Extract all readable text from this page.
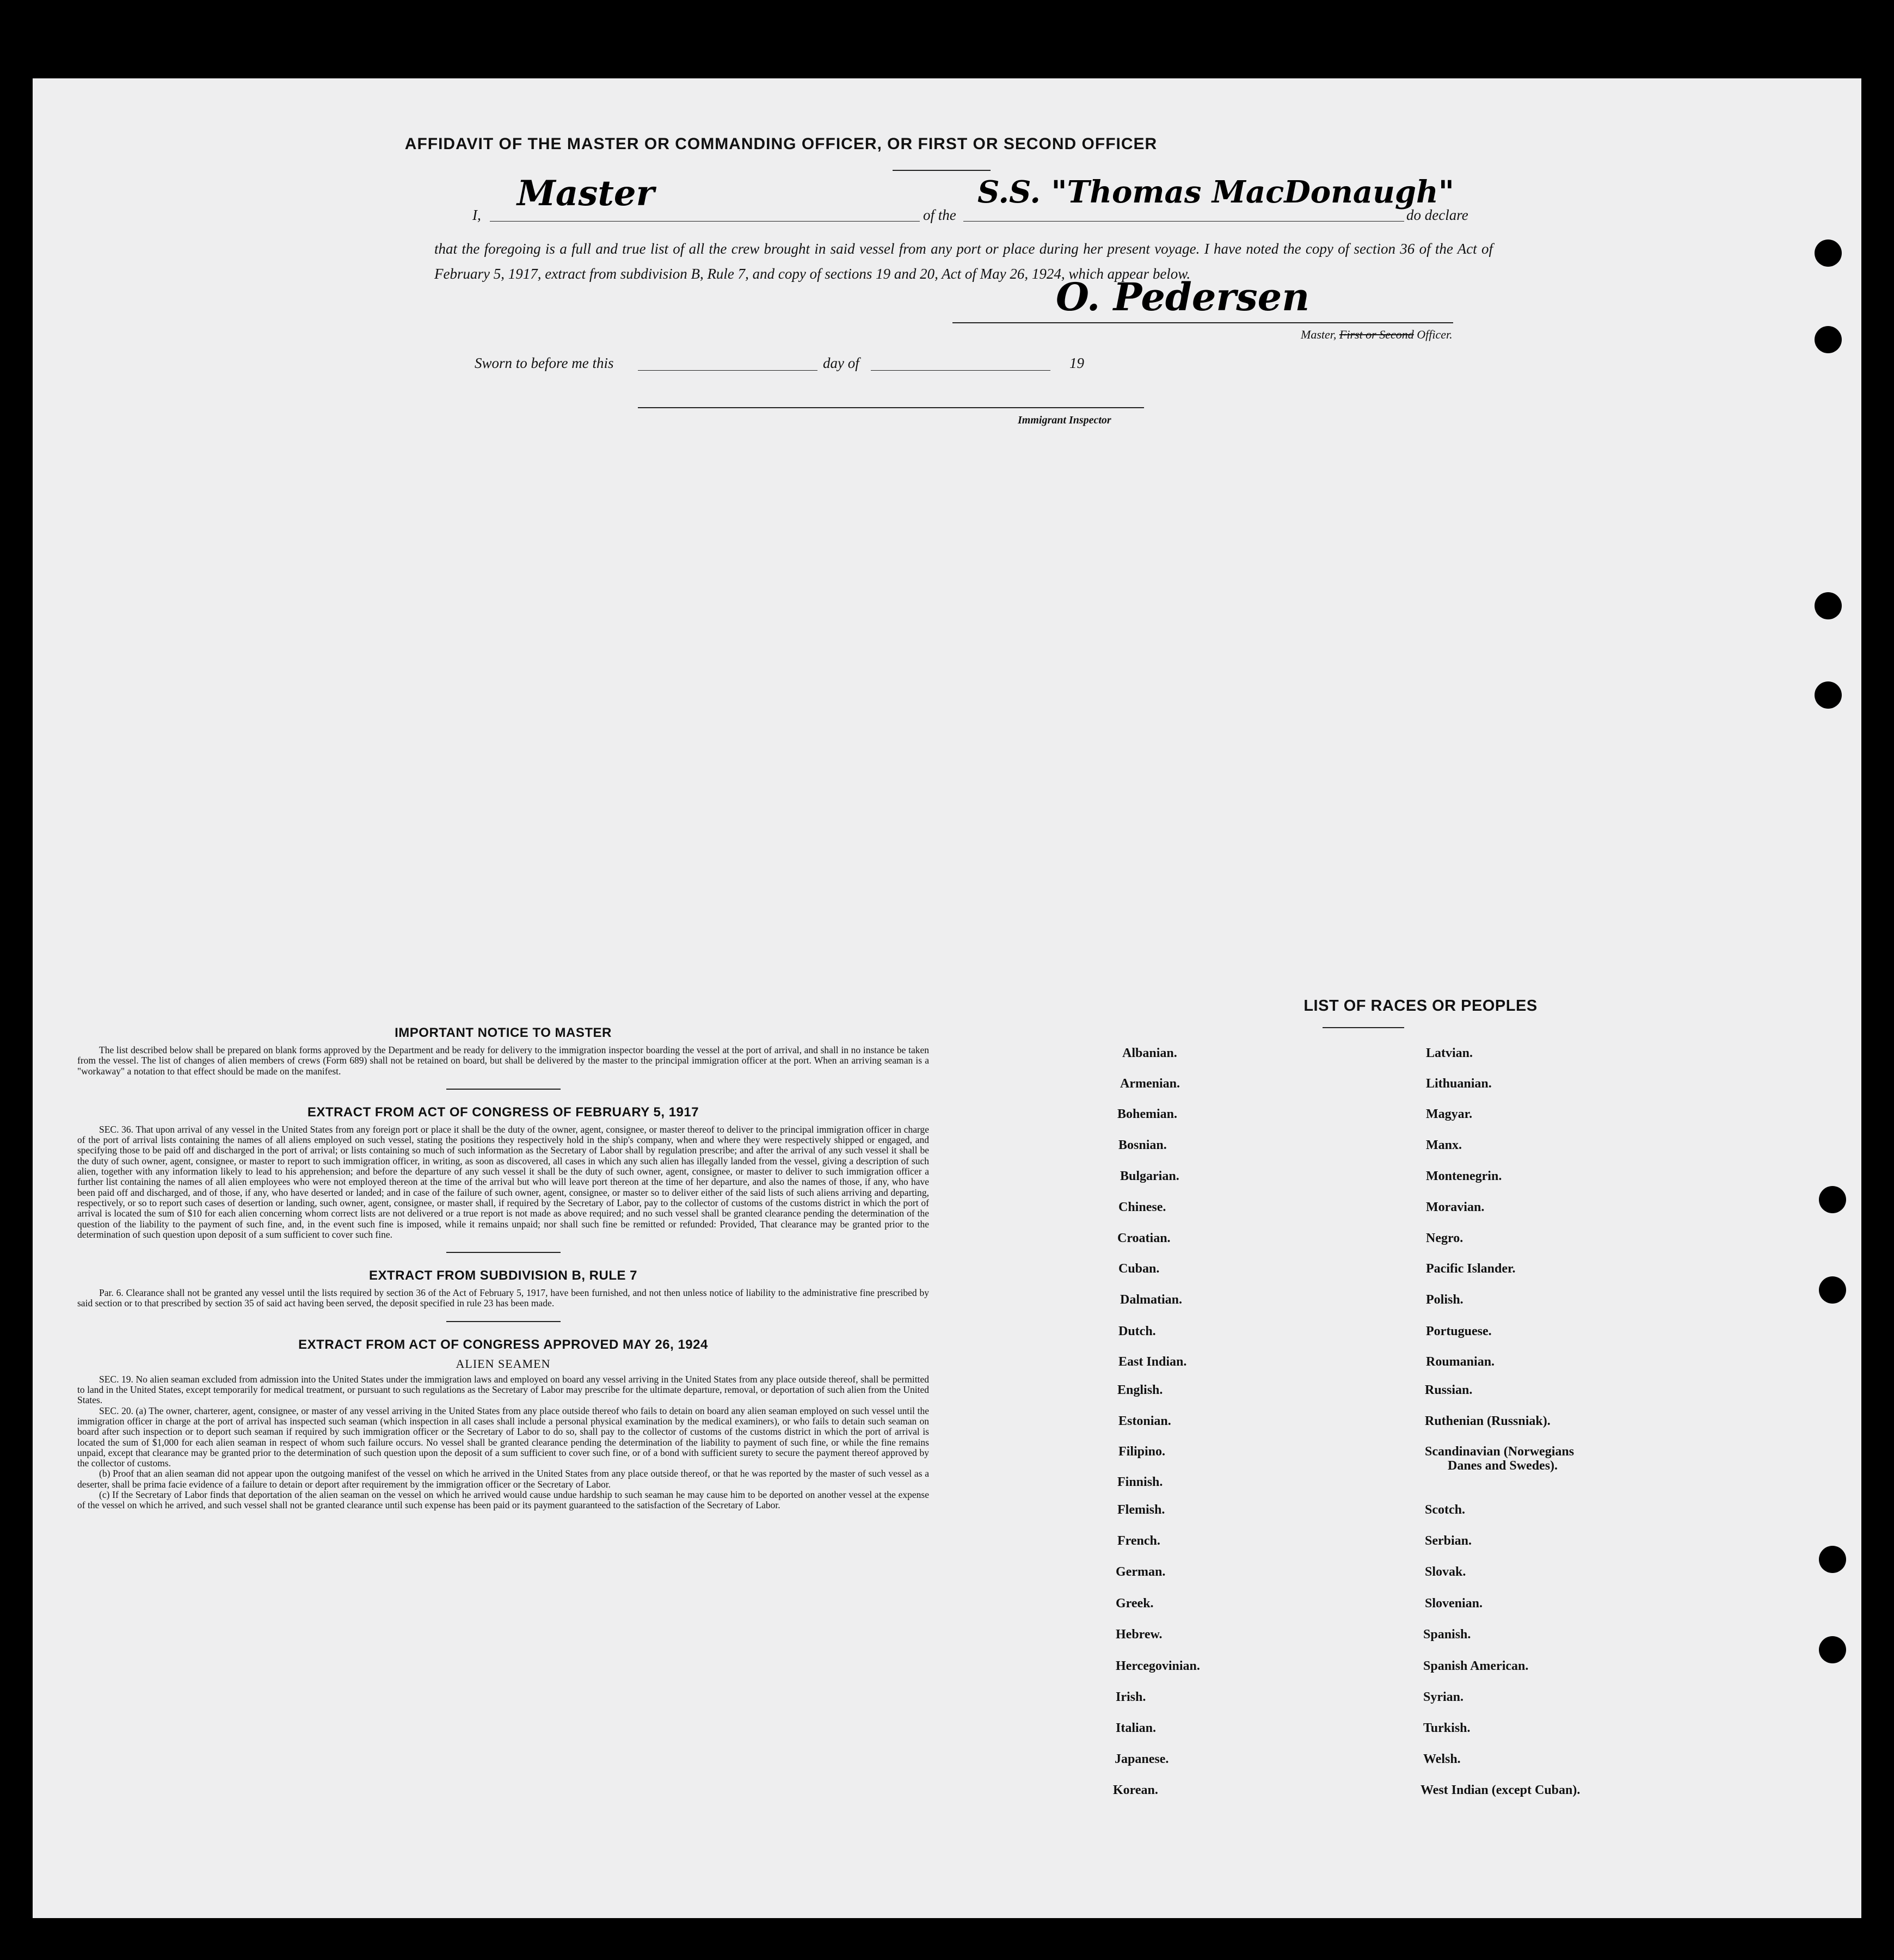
AFFIDAVIT OF THE MASTER OR COMMANDING OFFICER, OR FIRST OR SECOND OFFICER
I,
Master
of the
S.S. "Thomas MacDonaugh"
do declare
that the foregoing is a full and true list of all the crew brought in said vessel from any port or place during her present voyage. I have noted the copy of section 36 of the Act of February 5, 1917, extract from subdivision B, Rule 7, and copy of sections 19 and 20, Act of May 26, 1924, which appear below.
O. Pedersen
Master, First or Second Officer.
Sworn to before me this	day of	19
Immigrant Inspector
IMPORTANT NOTICE TO MASTER

The list described below shall be prepared on blank forms approved by the Department and be ready for delivery to the immigration inspector boarding the vessel at the port of arrival, and shall in no instance be taken from the vessel. The list of changes of alien members of crews (Form 689) shall not be retained on board, but shall be delivered by the master to the principal immigration officer at the port. When an arriving seaman is a "workaway" a notation to that effect should be made on the manifest.

EXTRACT FROM ACT OF CONGRESS OF FEBRUARY 5, 1917

SEC. 36. That upon arrival of any vessel in the United States from any foreign port or place it shall be the duty of the owner, agent, consignee, or master thereof to deliver to the principal immigration officer in charge of the port of arrival lists containing the names of all aliens employed on such vessel, stating the positions they respectively hold in the ship's company, when and where they were respectively shipped or engaged, and specifying those to be paid off and discharged in the port of arrival; or lists containing so much of such information as the Secretary of Labor shall by regulation prescribe; and after the arrival of any such vessel it shall be the duty of such owner, agent, consignee, or master to report to such immigration officer, in writing, as soon as discovered, all cases in which any such alien has illegally landed from the vessel, giving a description of such alien, together with any information likely to lead to his apprehension; and before the departure of any such vessel it shall be the duty of such owner, agent, consignee, or master to deliver to such immigration officer a further list containing the names of all alien employees who were not employed thereon at the time of the arrival but who will leave port thereon at the time of her departure, and also the names of those, if any, who have been paid off and discharged, and of those, if any, who have deserted or landed; and in case of the failure of such owner, agent, consignee, or master so to deliver either of the said lists of such aliens arriving and departing, respectively, or so to report such cases of desertion or landing, such owner, agent, consignee, or master shall, if required by the Secretary of Labor, pay to the collector of customs of the customs district in which the port of arrival is located the sum of $10 for each alien concerning whom correct lists are not delivered or a true report is not made as above required; and no such vessel shall be granted clearance pending the determination of the question of the liability to the payment of such fine, and, in the event such fine is imposed, while it remains unpaid; nor shall such fine be remitted or refunded: Provided, That clearance may be granted prior to the determination of such question upon deposit of a sum sufficient to cover such fine.

EXTRACT FROM SUBDIVISION B, RULE 7

Par. 6. Clearance shall not be granted any vessel until the lists required by section 36 of the Act of February 5, 1917, have been furnished, and not then unless notice of liability to the administrative fine prescribed by said section or to that prescribed by section 35 of said act having been served, the deposit specified in rule 23 has been made.

EXTRACT FROM ACT OF CONGRESS APPROVED MAY 26, 1924
ALIEN SEAMEN

SEC. 19. No alien seaman excluded from admission into the United States under the immigration laws and employed on board any vessel arriving in the United States from any place outside thereof, shall be permitted to land in the United States, except temporarily for medical treatment, or pursuant to such regulations as the Secretary of Labor may prescribe for the ultimate departure, removal, or deportation of such alien from the United States.

SEC. 20. (a) The owner, charterer, agent, consignee, or master of any vessel arriving in the United States from any place outside thereof who fails to detain on board any alien seaman employed on such vessel until the immigration officer in charge at the port of arrival has inspected such seaman (which inspection in all cases shall include a personal physical examination by the medical examiners), or who fails to detain such seaman on board after such inspection or to deport such seaman if required by such immigration officer or the Secretary of Labor to do so, shall pay to the collector of customs of the customs district in which the port of arrival is located the sum of $1,000 for each alien seaman in respect of whom such failure occurs. No vessel shall be granted clearance pending the determination of the liability to payment of such fine, or while the fine remains unpaid, except that clearance may be granted prior to the determination of such question upon the deposit of a sum sufficient to cover such fine, or of a bond with sufficient surety to secure the payment thereof approved by the collector of customs.

(b) Proof that an alien seaman did not appear upon the outgoing manifest of the vessel on which he arrived in the United States from any place outside thereof, or that he was reported by the master of such vessel as a deserter, shall be prima facie evidence of a failure to detain or deport after requirement by the immigration officer or the Secretary of Labor.

(c) If the Secretary of Labor finds that deportation of the alien seaman on the vessel on which he arrived would cause undue hardship to such seaman he may cause him to be deported on another vessel at the expense of the vessel on which he arrived, and such vessel shall not be granted clearance until such expense has been paid or its payment guaranteed to the satisfaction of the Secretary of Labor.

LIST OF RACES OR PEOPLES
Albanian.
Armenian.
Bohemian.
Bosnian.
Bulgarian.
Chinese.
Croatian.
Cuban.
Dalmatian.
Dutch.
East Indian.
English.
Estonian.
Filipino.
Finnish.
Flemish.
French.
German.
Greek.
Hebrew.
Hercegovinian.
Irish.
Italian.
Japanese.
Korean.
Latvian.
Lithuanian.
Magyar.
Manx.
Montenegrin.
Moravian.
Negro.
Pacific Islander.
Polish.
Portuguese.
Roumanian.
Russian.
Ruthenian (Russniak).
Scandinavian (Norwegians
Danes and Swedes).
Scotch.
Serbian.
Slovak.
Slovenian.
Spanish.
Spanish American.
Syrian.
Turkish.
Welsh.
West Indian (except Cuban).
